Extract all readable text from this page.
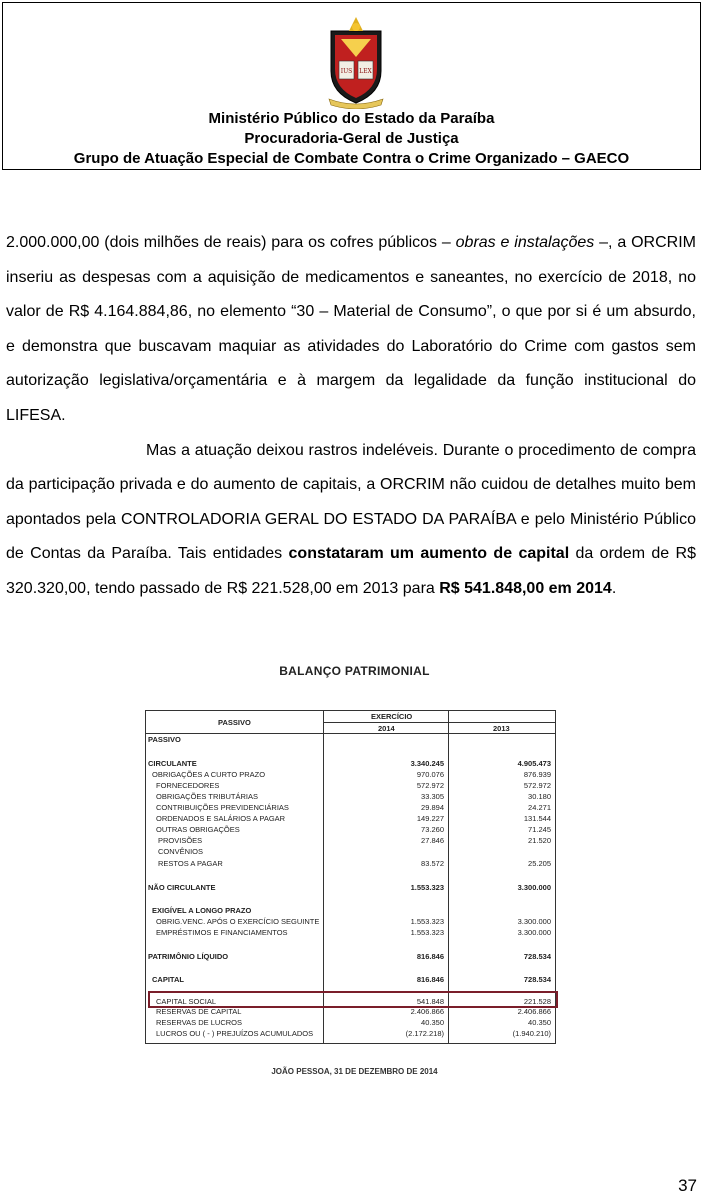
IUS LEX
Ministério Público do Estado da Paraíba
Procuradoria-Geral de Justiça
Grupo de Atuação Especial de Combate Contra o Crime Organizado – GAECO

2.000.000,00 (dois milhões de reais) para os cofres públicos – obras e instalações –, a ORCRIM inseriu as despesas com a aquisição de medicamentos e saneantes, no exercício de 2018, no valor de R$ 4.164.884,86, no elemento “30 – Material de Consumo”, o que por si é um absurdo, e demonstra que buscavam maquiar as atividades do Laboratório do Crime com gastos sem autorização legislativa/orçamentária e à margem da legalidade da função institucional do LIFESA.

Mas a atuação deixou rastros indeléveis. Durante o procedimento de compra da participação privada e do aumento de capitais, a ORCRIM não cuidou de detalhes muito bem apontados pela CONTROLADORIA GERAL DO ESTADO DA PARAÍBA e pelo Ministério Público de Contas da Paraíba. Tais entidades constataram um aumento de capital da ordem de R$ 320.320,00, tendo passado de R$ 221.528,00 em 2013 para R$ 541.848,00 em 2014.

BALANÇO PATRIMONIAL
PASSIVO
EXERCÍCIO
2014	2013
PASSIVO
CIRCULANTE	3.340.245	4.905.473
OBRIGAÇÕES A CURTO PRAZO	970.076	876.939
FORNECEDORES	572.972	572.972
OBRIGAÇÕES TRIBUTÁRIAS	33.305	30.180
CONTRIBUIÇÕES PREVIDENCIÁRIAS	29.894	24.271
ORDENADOS E SALÁRIOS A PAGAR	149.227	131.544
OUTRAS OBRIGAÇÕES	73.260	71.245
PROVISÕES	27.846	21.520
CONVÊNIOS
RESTOS A PAGAR	83.572	25.205
NÃO CIRCULANTE	1.553.323	3.300.000
EXIGÍVEL A LONGO PRAZO
OBRIG.VENC. APÓS O EXERCÍCIO SEGUINTE	1.553.323	3.300.000
EMPRÉSTIMOS E FINANCIAMENTOS	1.553.323	3.300.000
PATRIMÔNIO LÍQUIDO	816.846	728.534
CAPITAL	816.846	728.534
CAPITAL SOCIAL	541.848	221.528
RESERVAS DE CAPITAL	2.406.866	2.406.866
RESERVAS DE LUCROS	40.350	40.350
LUCROS OU ( - ) PREJUÍZOS ACUMULADOS	(2.172.218)	(1.940.210)
JOÃO PESSOA, 31 DE DEZEMBRO DE 2014
37
